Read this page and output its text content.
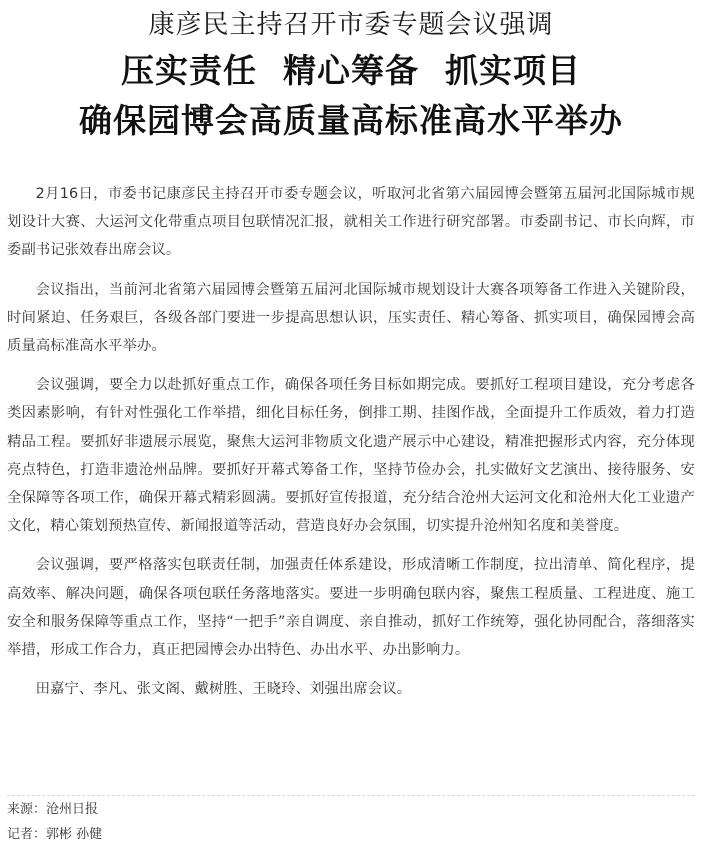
康彦民主持召开市委专题会议强调
压实责任 精心筹备 抓实项目
确保园博会高质量高标准高水平举办

2月16日，市委书记康彦民主持召开市委专题会议，听取河北省第六届园博会暨第五届河北国际城市规划设计大赛、大运河文化带重点项目包联情况汇报，就相关工作进行研究部署。市委副书记、市长向辉，市委副书记张效春出席会议。

会议指出，当前河北省第六届园博会暨第五届河北国际城市规划设计大赛各项筹备工作进入关键阶段，时间紧迫、任务艰巨，各级各部门要进一步提高思想认识，压实责任、精心筹备、抓实项目，确保园博会高质量高标准高水平举办。

会议强调，要全力以赴抓好重点工作，确保各项任务目标如期完成。要抓好工程项目建设，充分考虑各类因素影响，有针对性强化工作举措，细化目标任务，倒排工期、挂图作战，全面提升工作质效，着力打造精品工程。要抓好非遗展示展览，聚焦大运河非物质文化遗产展示中心建设，精准把握形式内容，充分体现亮点特色，打造非遗沧州品牌。要抓好开幕式筹备工作，坚持节俭办会，扎实做好文艺演出、接待服务、安全保障等各项工作，确保开幕式精彩圆满。要抓好宣传报道，充分结合沧州大运河文化和沧州大化工业遗产文化，精心策划预热宣传、新闻报道等活动，营造良好办会氛围，切实提升沧州知名度和美誉度。

会议强调，要严格落实包联责任制，加强责任体系建设，形成清晰工作制度，拉出清单、简化程序，提高效率、解决问题，确保各项包联任务落地落实。要进一步明确包联内容，聚焦工程质量、工程进度、施工安全和服务保障等重点工作，坚持“一把手”亲自调度、亲自推动，抓好工作统筹，强化协同配合，落细落实举措，形成工作合力，真正把园博会办出特色、办出水平、办出影响力。

田嘉宁、李凡、张文阁、戴树胜、王晓玲、刘强出席会议。

来源：沧州日报
记者：郭彬 孙健
